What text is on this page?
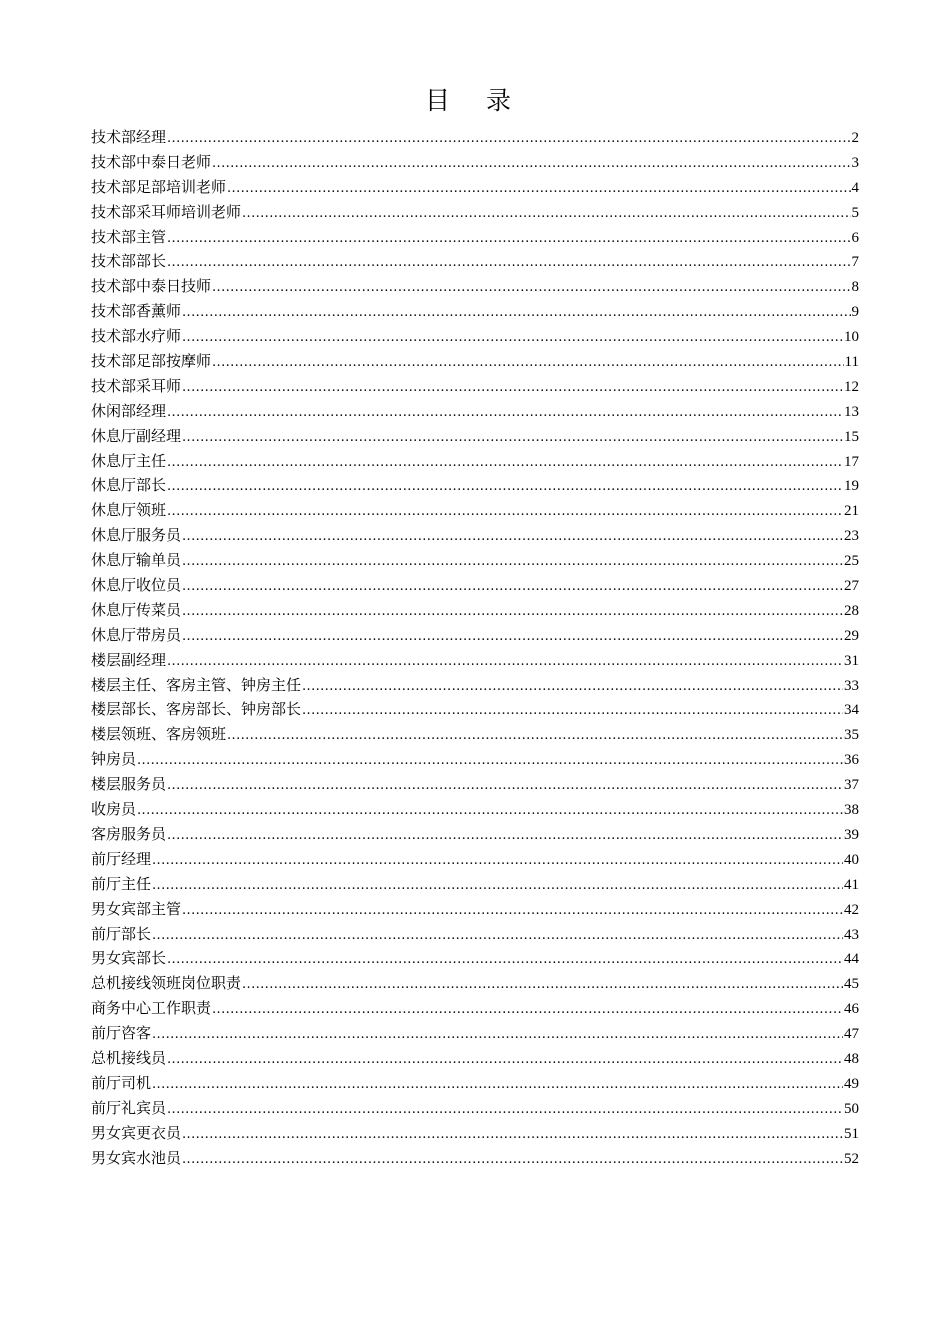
目 录
技术部经理 .....	2
技术部中泰日老师 .....	3
技术部足部培训老师 .....	4
技术部采耳师培训老师 .....	5
技术部主管 .....	6
技术部部长 .....	7
技术部中泰日技师 .....	8
技术部香薰师 .....	9
技术部水疗师 .....	10
技术部足部按摩师 .....	11
技术部采耳师 .....	12
休闲部经理 .....	13
休息厅副经理 .....	15
休息厅主任 .....	17
休息厅部长 .....	19
休息厅领班 .....	21
休息厅服务员 .....	23
休息厅输单员 .....	25
休息厅收位员 .....	27
休息厅传菜员 .....	28
休息厅带房员 .....	29
楼层副经理 .....	31
楼层主任、客房主管、钟房主任 .....	33
楼层部长、客房部长、钟房部长 .....	34
楼层领班、客房领班 .....	35
钟房员 .....	36
楼层服务员 .....	37
收房员 .....	38
客房服务员 .....	39
前厅经理 .....	40
前厅主任 .....	41
男女宾部主管 .....	42
前厅部长 .....	43
男女宾部长 .....	44
总机接线领班岗位职责 .....	45
商务中心工作职责 .....	46
前厅咨客 .....	47
总机接线员 .....	48
前厅司机 .....	49
前厅礼宾员 .....	50
男女宾更衣员 .....	51
男女宾水池员 .....	52
